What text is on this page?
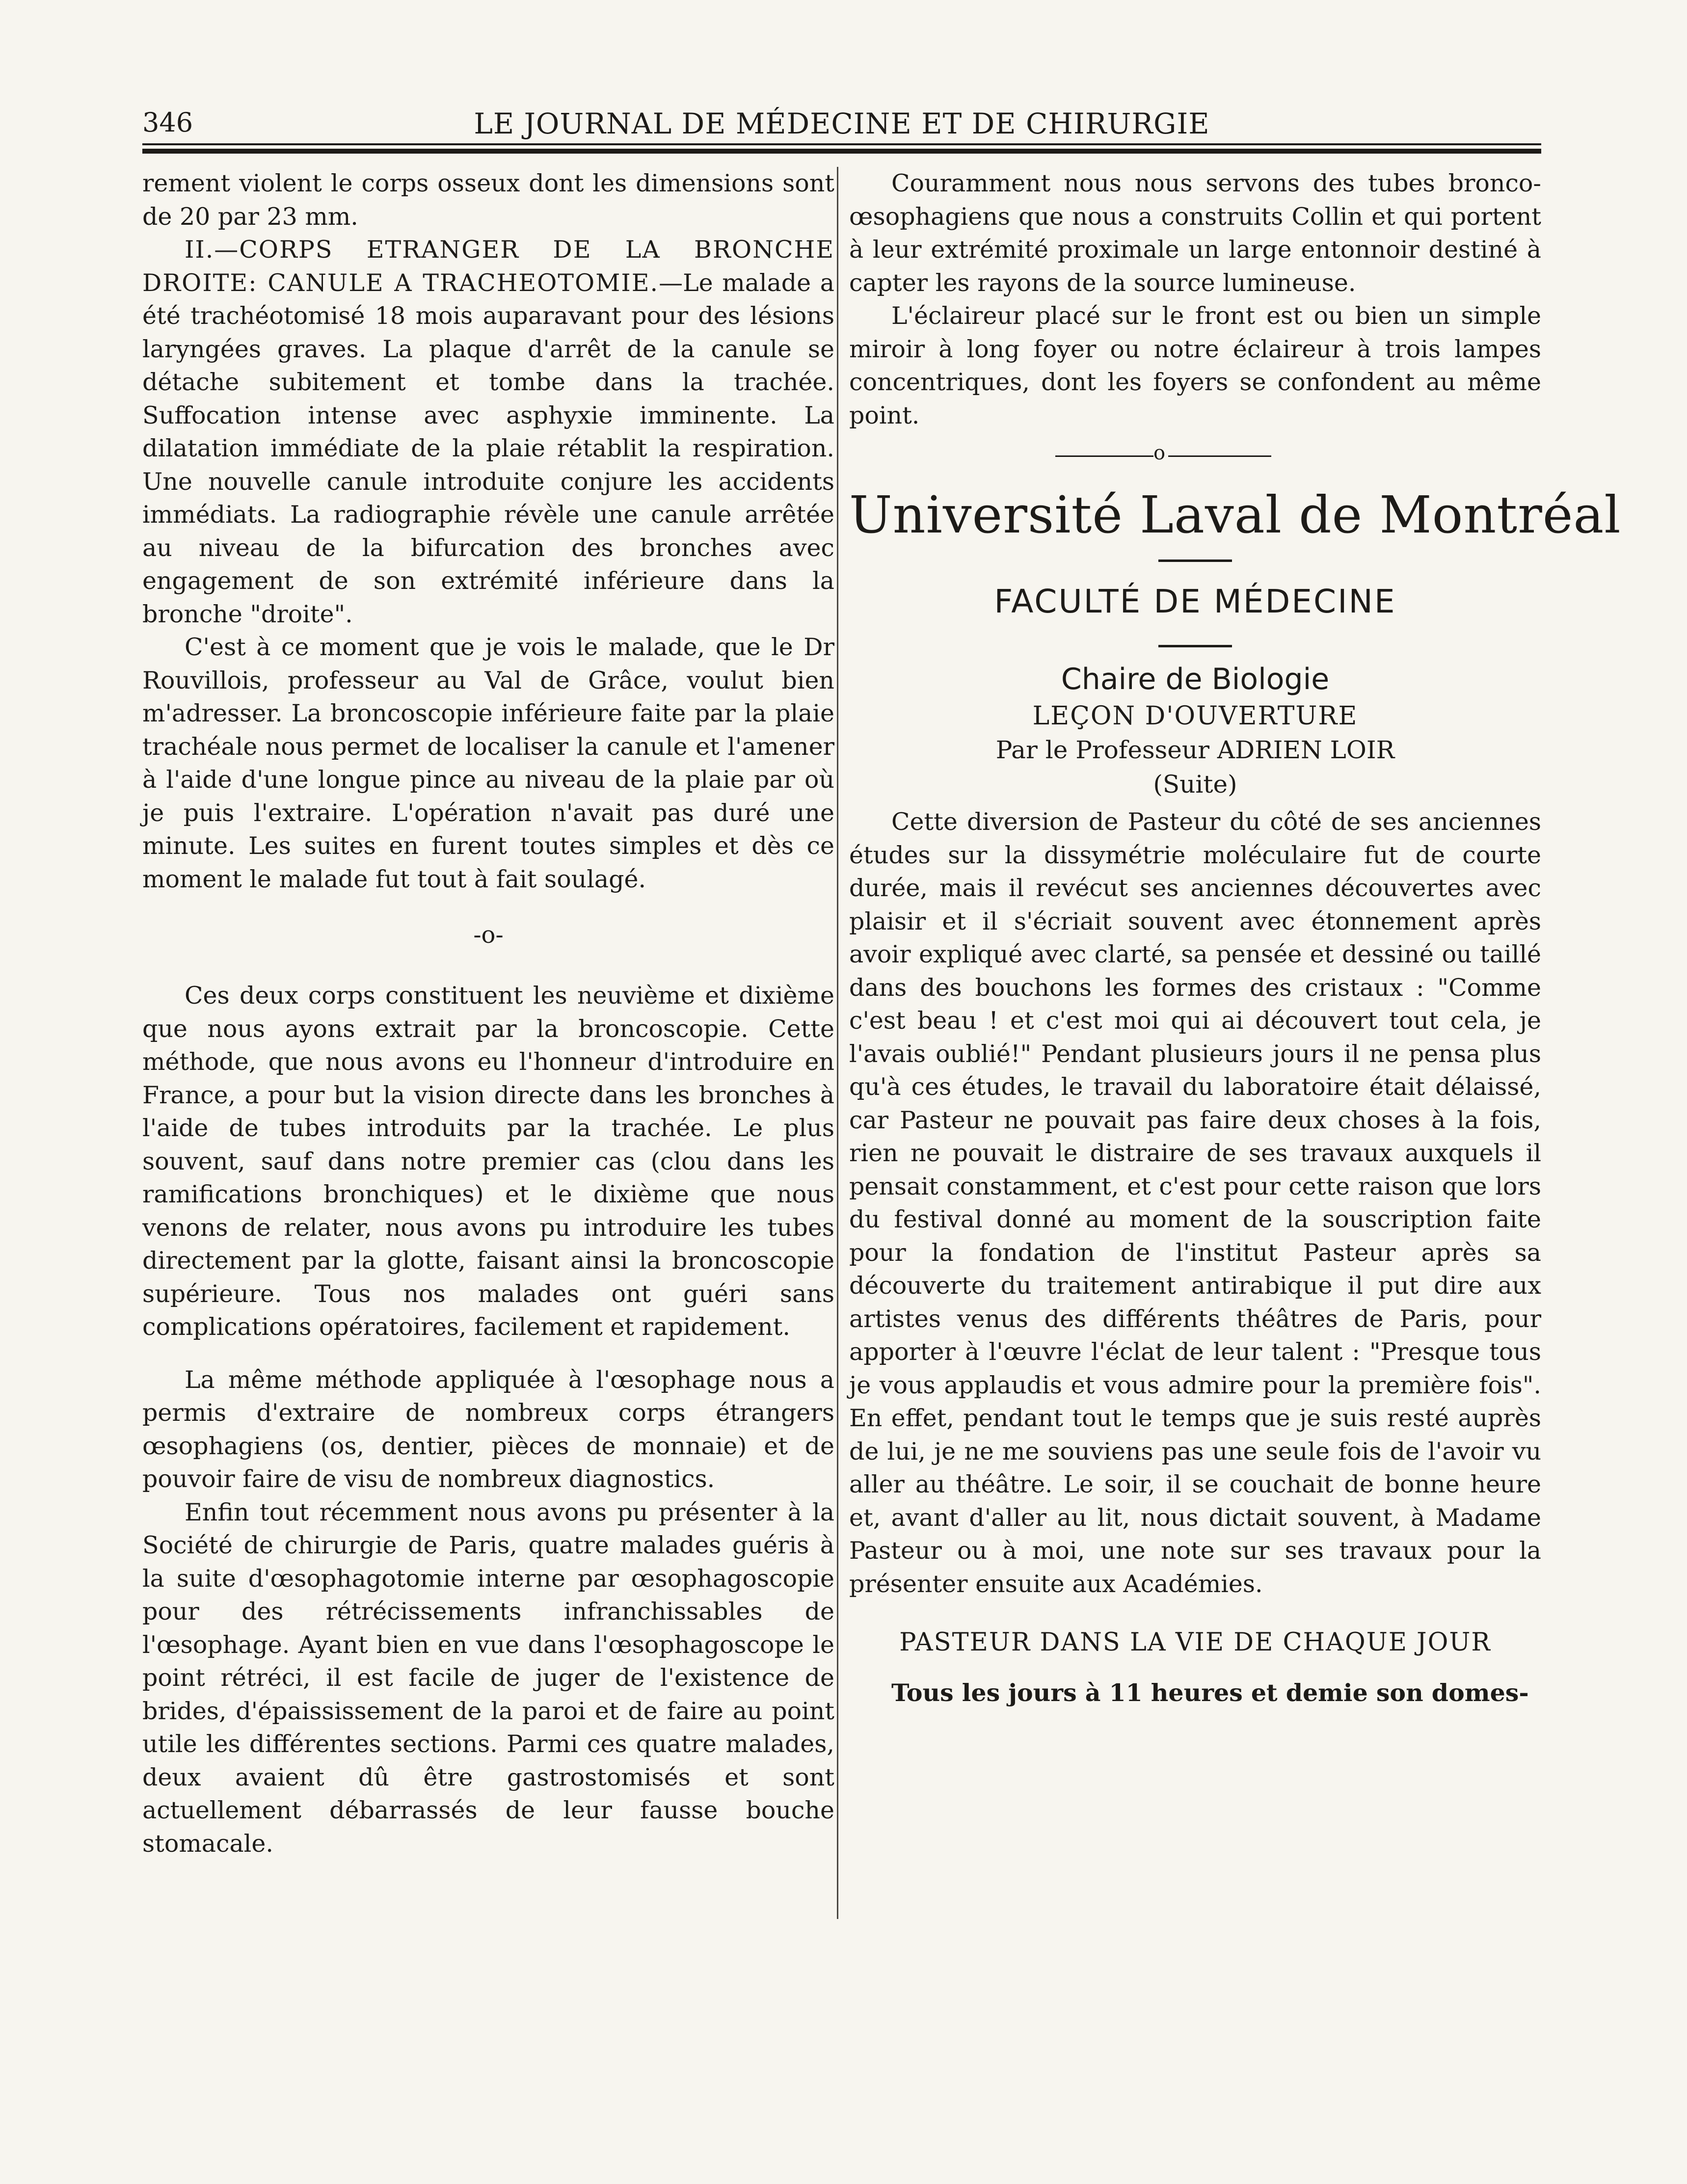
346	LE JOURNAL DE MÉDECINE ET DE CHIRURGIE

rement violent le corps osseux dont les dimensions sont de 20 par 23 mm.

II.—CORPS ETRANGER DE LA BRONCHE DROITE: CANULE A TRACHEOTOMIE.—Le malade a été trachéotomisé 18 mois auparavant pour des lésions laryngées graves. La plaque d'arrêt de la canule se détache subitement et tombe dans la trachée. Suffocation intense avec asphyxie imminente. La dilatation immédiate de la plaie rétablit la respiration. Une nouvelle canule introduite conjure les accidents immédiats. La radiographie révèle une canule arrêtée au niveau de la bifurcation des bronches avec engagement de son extrémité inférieure dans la bronche "droite".

C'est à ce moment que je vois le malade, que le Dr Rouvillois, professeur au Val de Grâce, voulut bien m'adresser. La broncoscopie inférieure faite par la plaie trachéale nous permet de localiser la canule et l'amener à l'aide d'une longue pince au niveau de la plaie par où je puis l'extraire. L'opération n'avait pas duré une minute. Les suites en furent toutes simples et dès ce moment le malade fut tout à fait soulagé.

-o-

Ces deux corps constituent les neuvième et dixième que nous ayons extrait par la broncoscopie. Cette méthode, que nous avons eu l'honneur d'introduire en France, a pour but la vision directe dans les bronches à l'aide de tubes introduits par la trachée. Le plus souvent, sauf dans notre premier cas (clou dans les ramifications bronchiques) et le dixième que nous venons de relater, nous avons pu introduire les tubes directement par la glotte, faisant ainsi la broncoscopie supérieure. Tous nos malades ont guéri sans complications opératoires, facilement et rapidement.

La même méthode appliquée à l'œsophage nous a permis d'extraire de nombreux corps étrangers œsophagiens (os, dentier, pièces de monnaie) et de pouvoir faire de visu de nombreux diagnostics.

Enfin tout récemment nous avons pu présenter à la Société de chirurgie de Paris, quatre malades guéris à la suite d'œsophagotomie interne par œsophagoscopie pour des rétrécissements infranchissables de l'œsophage. Ayant bien en vue dans l'œsophagoscope le point rétréci, il est facile de juger de l'existence de brides, d'épaississement de la paroi et de faire au point utile les différentes sections. Parmi ces quatre malades, deux avaient dû être gastrostomisés et sont actuellement débarrassés de leur fausse bouche stomacale.

Couramment nous nous servons des tubes bronco-œsophagiens que nous a construits Collin et qui portent à leur extrémité proximale un large entonnoir destiné à capter les rayons de la source lumineuse.

L'éclaireur placé sur le front est ou bien un simple miroir à long foyer ou notre éclaireur à trois lampes concentriques, dont les foyers se confondent au même point.

o
Université Laval de Montréal
FACULTÉ DE MÉDECINE
Chaire de Biologie
LEÇON D'OUVERTURE
Par le Professeur ADRIEN LOIR
(Suite)

Cette diversion de Pasteur du côté de ses anciennes études sur la dissymétrie moléculaire fut de courte durée, mais il revécut ses anciennes découvertes avec plaisir et il s'écriait souvent avec étonnement après avoir expliqué avec clarté, sa pensée et dessiné ou taillé dans des bouchons les formes des cristaux : "Comme c'est beau ! et c'est moi qui ai découvert tout cela, je l'avais oublié!" Pendant plusieurs jours il ne pensa plus qu'à ces études, le travail du laboratoire était délaissé, car Pasteur ne pouvait pas faire deux choses à la fois, rien ne pouvait le distraire de ses travaux auxquels il pensait constamment, et c'est pour cette raison que lors du festival donné au moment de la souscription faite pour la fondation de l'institut Pasteur après sa découverte du traitement antirabique il put dire aux artistes venus des différents théâtres de Paris, pour apporter à l'œuvre l'éclat de leur talent : "Presque tous je vous applaudis et vous admire pour la première fois". En effet, pendant tout le temps que je suis resté auprès de lui, je ne me souviens pas une seule fois de l'avoir vu aller au théâtre. Le soir, il se couchait de bonne heure et, avant d'aller au lit, nous dictait souvent, à Madame Pasteur ou à moi, une note sur ses travaux pour la présenter ensuite aux Académies.

PASTEUR DANS LA VIE DE CHAQUE JOUR

Tous les jours à 11 heures et demie son domes-
